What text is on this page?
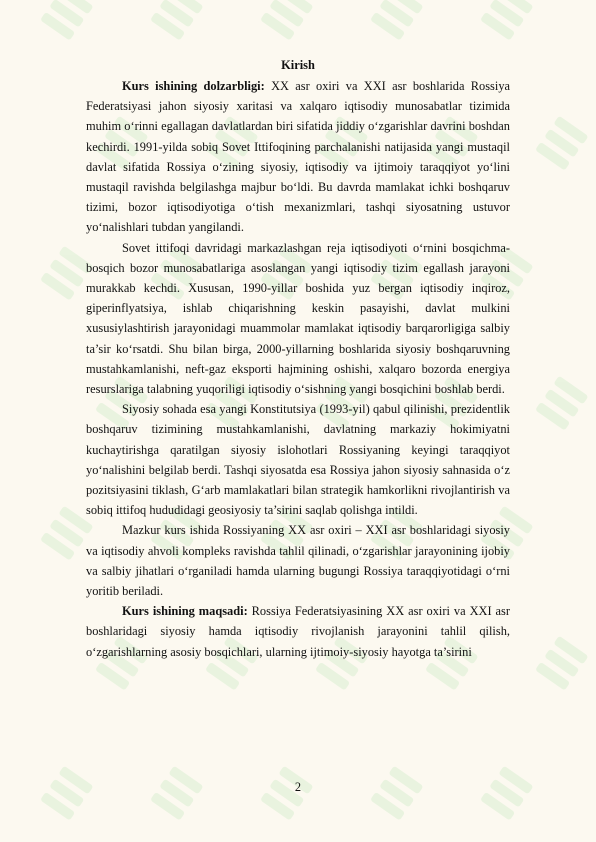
Kirish

Kurs ishining dolzarbligi: XX asr oxiri va XXI asr boshlarida Rossiya Federatsiyasi jahon siyosiy xaritasi va xalqaro iqtisodiy munosabatlar tizimida muhim o‘rinni egallagan davlatlardan biri sifatida jiddiy o‘zgarishlar davrini boshdan kechirdi. 1991-yilda sobiq Sovet Ittifoqining parchalanishi natijasida yangi mustaqil davlat sifatida Rossiya o‘zining siyosiy, iqtisodiy va ijtimoiy taraqqiyot yo‘lini mustaqil ravishda belgilashga majbur bo‘ldi. Bu davrda mamlakat ichki boshqaruv tizimi, bozor iqtisodiyotiga o‘tish mexanizmlari, tashqi siyosatning ustuvor yo‘nalishlari tubdan yangilandi.

Sovet ittifoqi davridagi markazlashgan reja iqtisodiyoti o‘rnini bosqichma-bosqich bozor munosabatlariga asoslangan yangi iqtisodiy tizim egallash jarayoni murakkab kechdi. Xususan, 1990-yillar boshida yuz bergan iqtisodiy inqiroz, giperinflyatsiya, ishlab chiqarishning keskin pasayishi, davlat mulkini xususiylashtirish jarayonidagi muammolar mamlakat iqtisodiy barqarorligiga salbiy ta’sir ko‘rsatdi. Shu bilan birga, 2000-yillarning boshlarida siyosiy boshqaruvning mustahkamlanishi, neft-gaz eksporti hajmining oshishi, xalqaro bozorda energiya resurslariga talabning yuqoriligi iqtisodiy o‘sishning yangi bosqichini boshlab berdi.

Siyosiy sohada esa yangi Konstitutsiya (1993-yil) qabul qilinishi, prezidentlik boshqaruv tizimining mustahkamlanishi, davlatning markaziy hokimiyatni kuchaytirishga qaratilgan siyosiy islohotlari Rossiyaning keyingi taraqqiyot yo‘nalishini belgilab berdi. Tashqi siyosatda esa Rossiya jahon siyosiy sahnasida o‘z pozitsiyasini tiklash, G‘arb mamlakatlari bilan strategik hamkorlikni rivojlantirish va sobiq ittifoq hududidagi geosiyosiy ta’sirini saqlab qolishga intildi.

Mazkur kurs ishida Rossiyaning XX asr oxiri – XXI asr boshlaridagi siyosiy va iqtisodiy ahvoli kompleks ravishda tahlil qilinadi, o‘zgarishlar jarayonining ijobiy va salbiy jihatlari o‘rganiladi hamda ularning bugungi Rossiya taraqqiyotidagi o‘rni yoritib beriladi.

Kurs ishining maqsadi: Rossiya Federatsiyasining XX asr oxiri va XXI asr boshlaridagi siyosiy hamda iqtisodiy rivojlanish jarayonini tahlil qilish, o‘zgarishlarning asosiy bosqichlari, ularning ijtimoiy-siyosiy hayotga ta’sirini

2
